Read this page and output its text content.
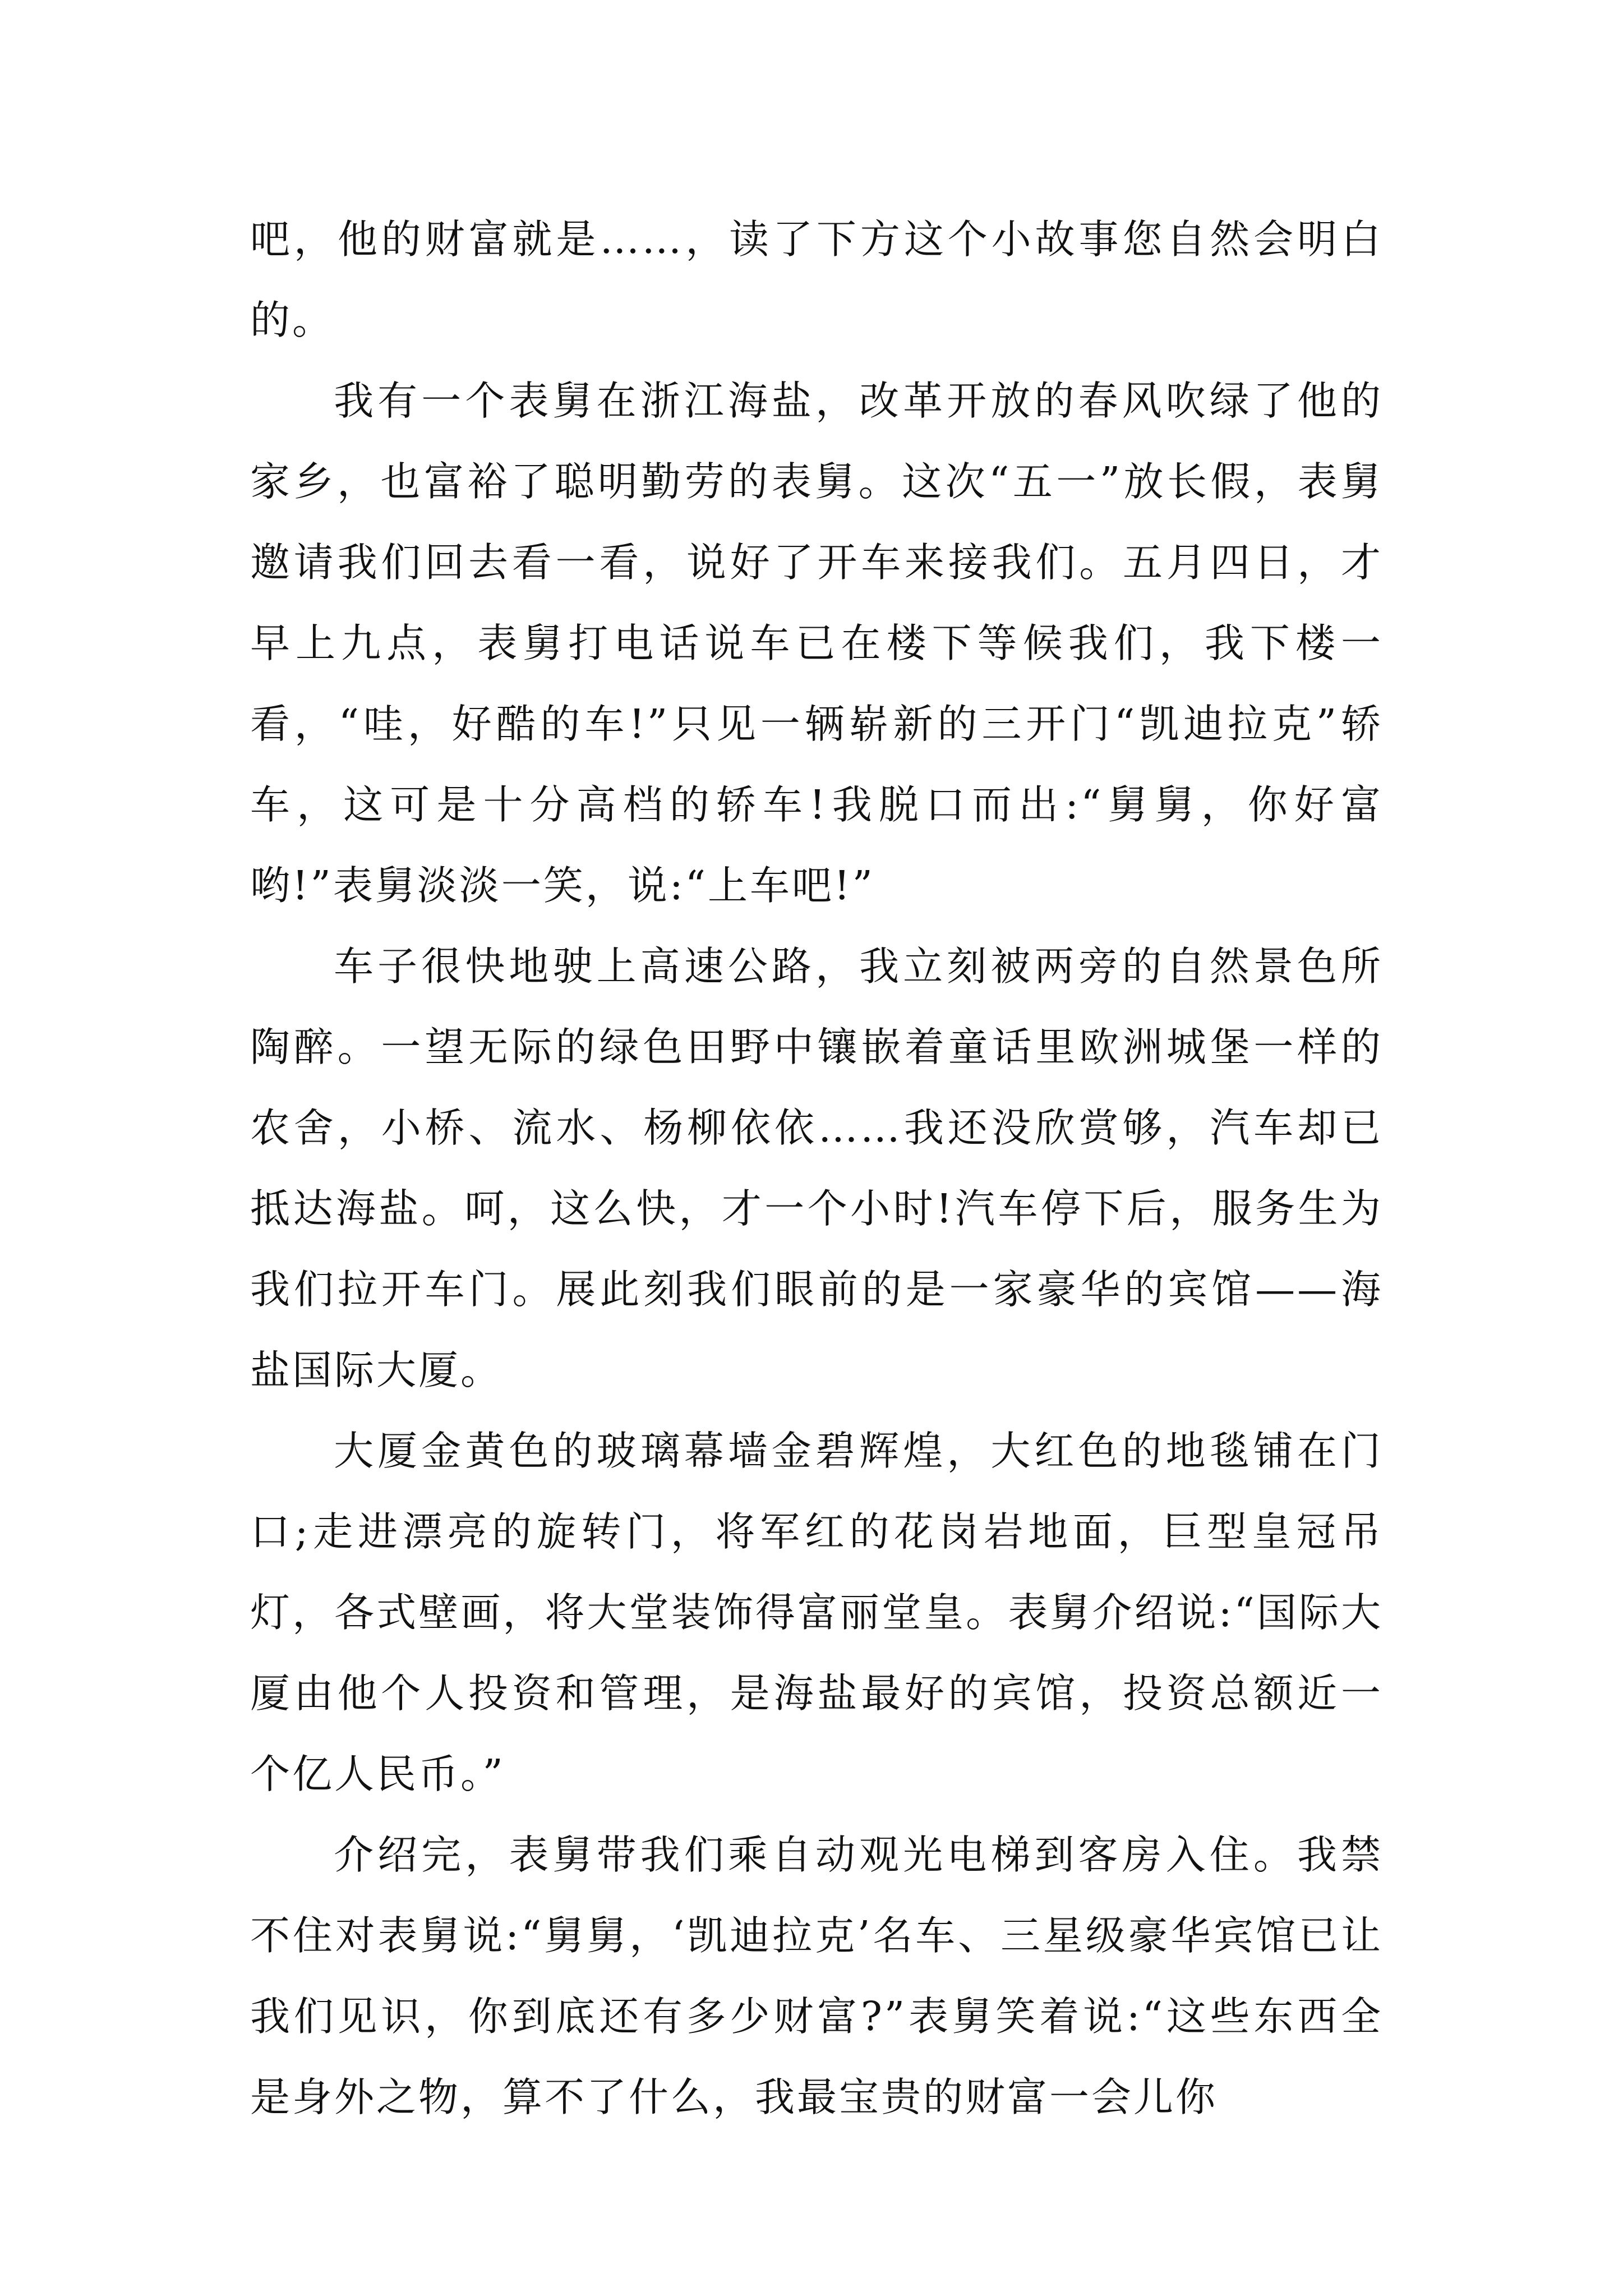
吧，他的财富就是……，读了下方这个小故事您自然会明白的。

我有一个表舅在浙江海盐，改革开放的春风吹绿了他的家乡，也富裕了聪明勤劳的表舅。这次“五一”放长假，表舅邀请我们回去看一看，说好了开车来接我们。五月四日，才早上九点，表舅打电话说车已在楼下等候我们，我下楼一看，“哇，好酷的车!”只见一辆崭新的三开门“凯迪拉克”轿车，这可是十分高档的轿车!我脱口而出:“舅舅，你好富哟!”表舅淡淡一笑，说:“上车吧!”

车子很快地驶上高速公路，我立刻被两旁的自然景色所陶醉。一望无际的绿色田野中镶嵌着童话里欧洲城堡一样的农舍，小桥、流水、杨柳依依……我还没欣赏够，汽车却已抵达海盐。呵，这么快，才一个小时!汽车停下后，服务生为我们拉开车门。展此刻我们眼前的是一家豪华的宾馆——海盐国际大厦。

大厦金黄色的玻璃幕墙金碧辉煌，大红色的地毯铺在门口;走进漂亮的旋转门，将军红的花岗岩地面，巨型皇冠吊灯，各式壁画，将大堂装饰得富丽堂皇。表舅介绍说:“国际大厦由他个人投资和管理，是海盐最好的宾馆，投资总额近一个亿人民币。”

介绍完，表舅带我们乘自动观光电梯到客房入住。我禁不住对表舅说:“舅舅，‘凯迪拉克’名车、三星级豪华宾馆已让我们见识，你到底还有多少财富?”表舅笑着说:“这些东西全是身外之物，算不了什么，我最宝贵的财富一会儿你
